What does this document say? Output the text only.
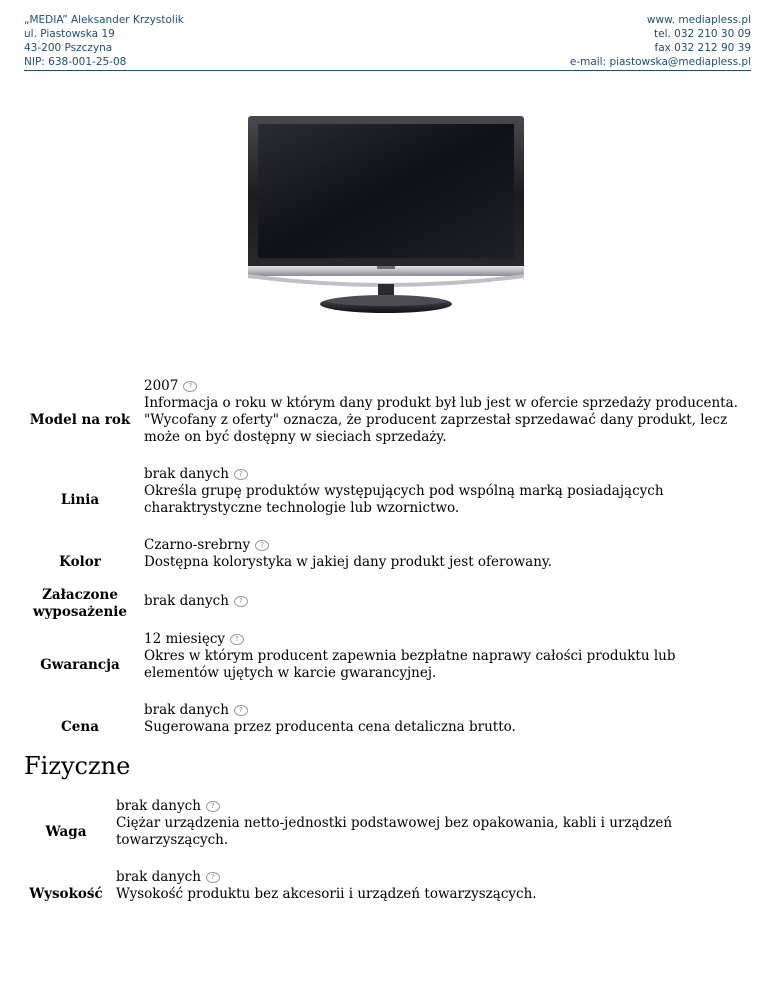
„MEDIA” Aleksander Krzystolik
ul. Piastowska 19
43-200 Pszczyna
NIP: 638-001-25-08
www. mediapless.pl
tel. 032 210 30 09
fax 032 212 90 39
e-mail: piastowska@mediapless.pl
Model na rok	2007 ?
Informacja o roku w którym dany produkt był lub jest w ofercie sprzedaży producenta. "Wycofany z oferty" oznacza, że producent zaprzestał sprzedawać dany produkt, lecz może on być dostępny w sieciach sprzedaży.
Linia	brak danych ?
Określa grupę produktów występujących pod wspólną marką posiadających charaktrystyczne technologie lub wzornictwo.
Kolor	Czarno-srebrny ?
Dostępna kolorystyka w jakiej dany produkt jest oferowany.
Załaczone wyposażenie	brak danych ?
Gwarancja	12 miesięcy ?
Okres w którym producent zapewnia bezpłatne naprawy całości produktu lub elementów ujętych w karcie gwarancyjnej.
Cena	brak danych ?
Sugerowana przez producenta cena detaliczna brutto.
Fizyczne
Waga	brak danych ?
Ciężar urządzenia netto-jednostki podstawowej bez opakowania, kabli i urządzeń towarzyszących.
Wysokość	brak danych ?
Wysokość produktu bez akcesorii i urządzeń towarzyszących.
